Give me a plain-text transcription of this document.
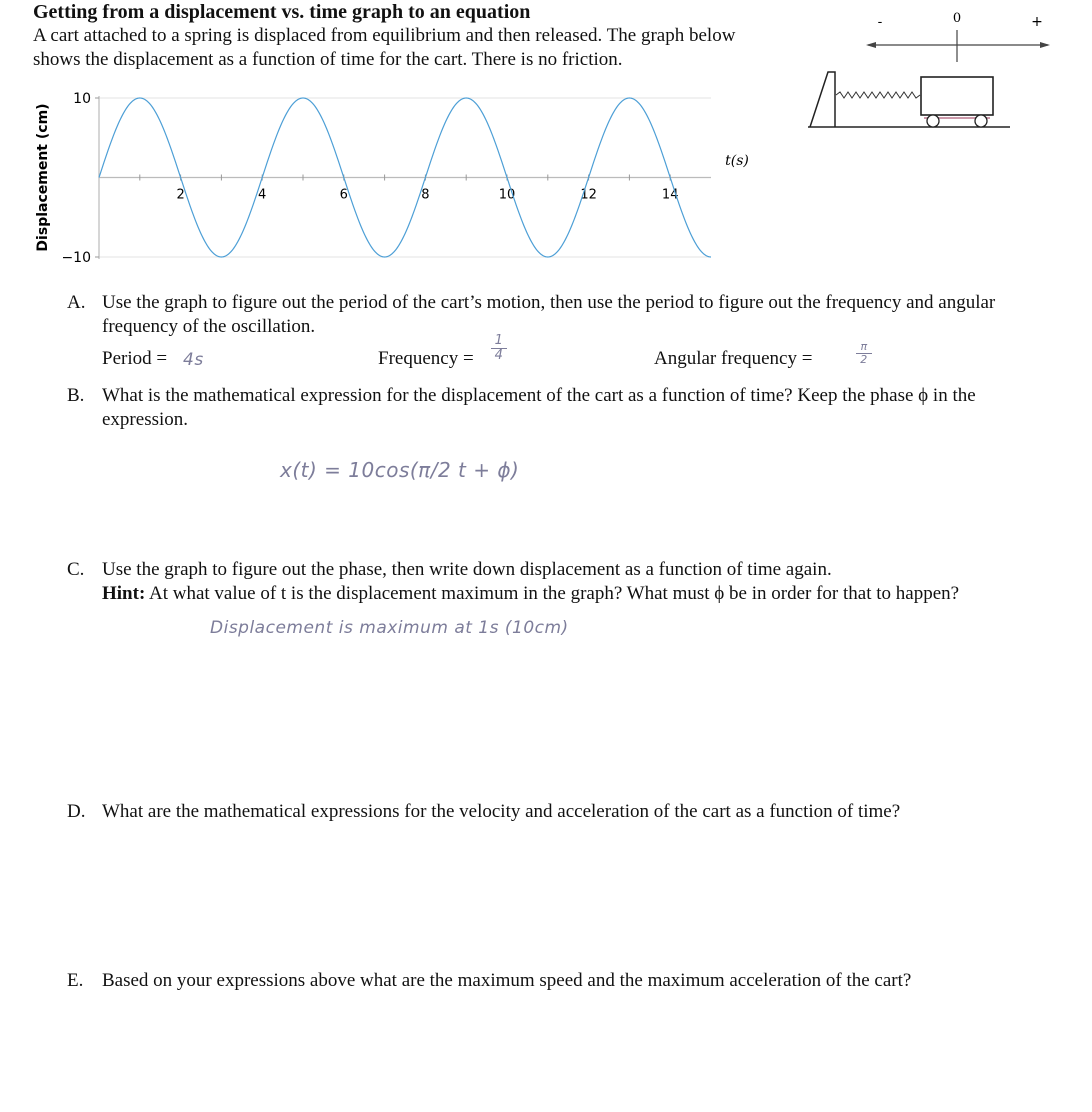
Getting from a displacement vs. time graph to an equation
A cart attached to a spring is displaced from equilibrium and then released. The graph below shows the displacement as a function of time for the cart. There is no friction.
-	0	+
2	4	6	8	10	12	14
10
−10
Displacement (cm)	t(s)
A. Use the graph to figure out the period of the cart’s motion, then use the period to figure out the frequency and angular frequency of the oscillation.
Period = 4s	Frequency = $\frac{1}{4}$	Angular frequency =	$\frac{\pi}{2}$
B. What is the mathematical expression for the displacement of the cart as a function of time? Keep the phase ϕ in the expression.
x(t) = 10cos(π/2 t + ϕ)
C. Use the graph to figure out the phase, then write down displacement as a function of time again.
Hint: At what value of t is the displacement maximum in the graph? What must ϕ be in order for that to happen?
Displacement is maximum at 1s (10cm)
D. What are the mathematical expressions for the velocity and acceleration of the cart as a function of time?
E. Based on your expressions above what are the maximum speed and the maximum acceleration of the cart?
